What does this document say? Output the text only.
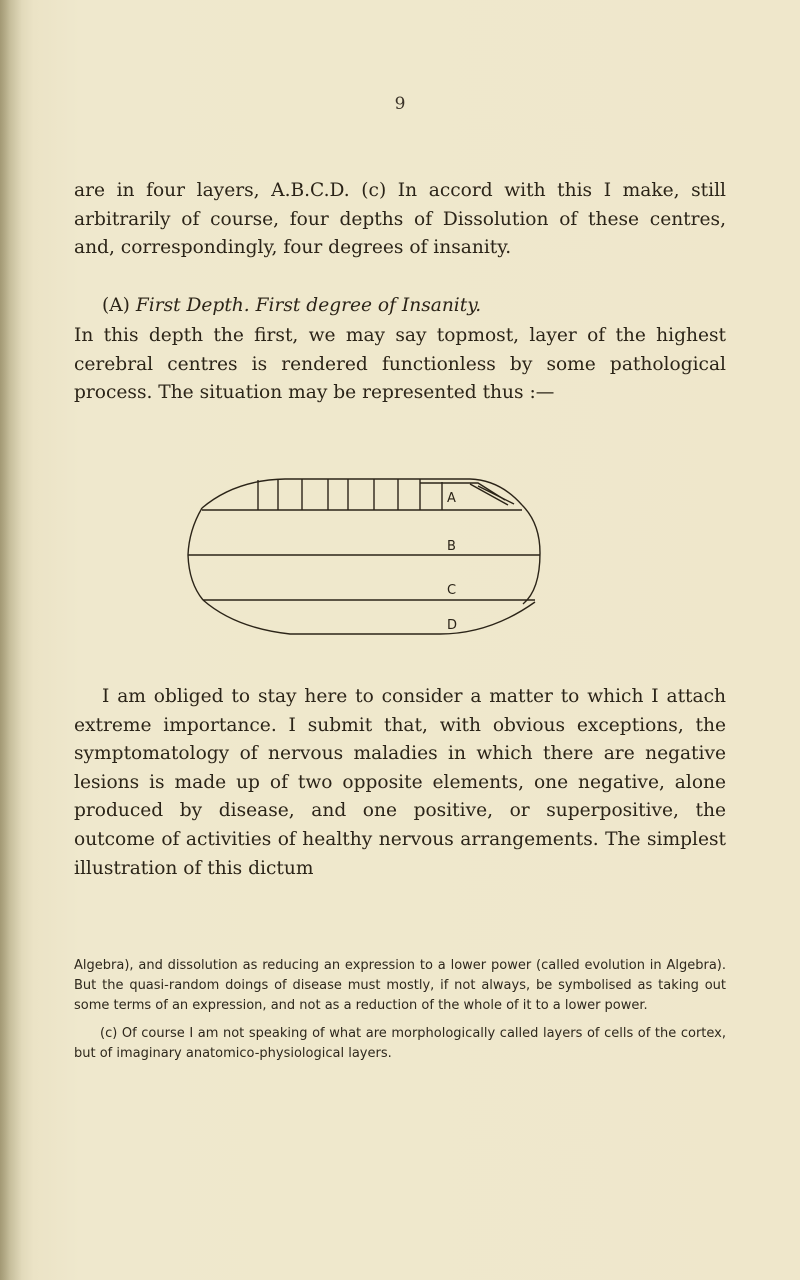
9

are in four layers, A.B.C.D. (c) In accord with this I make, still arbitrarily of course, four depths of Dissolution of these centres, and, correspondingly, four degrees of insanity.

(A) First Depth. First degree of Insanity.

In this depth the first, we may say topmost, layer of the highest cerebral centres is rendered functionless by some pathological process. The situation may be represented thus :—

A
B
C
D

I am obliged to stay here to consider a matter to which I attach extreme importance. I submit that, with obvious exceptions, the symptomatology of nervous maladies in which there are negative lesions is made up of two opposite elements, one negative, alone produced by disease, and one positive, or superpositive, the outcome of activities of healthy nervous arrangements. The simplest illustration of this dictum

Algebra), and dissolution as reducing an expression to a lower power (called evolution in Algebra). But the quasi-random doings of disease must mostly, if not always, be symbolised as taking out some terms of an expression, and not as a reduction of the whole of it to a lower power.

(c) Of course I am not speaking of what are morphologically called layers of cells of the cortex, but of imaginary anatomico-physiological layers.
